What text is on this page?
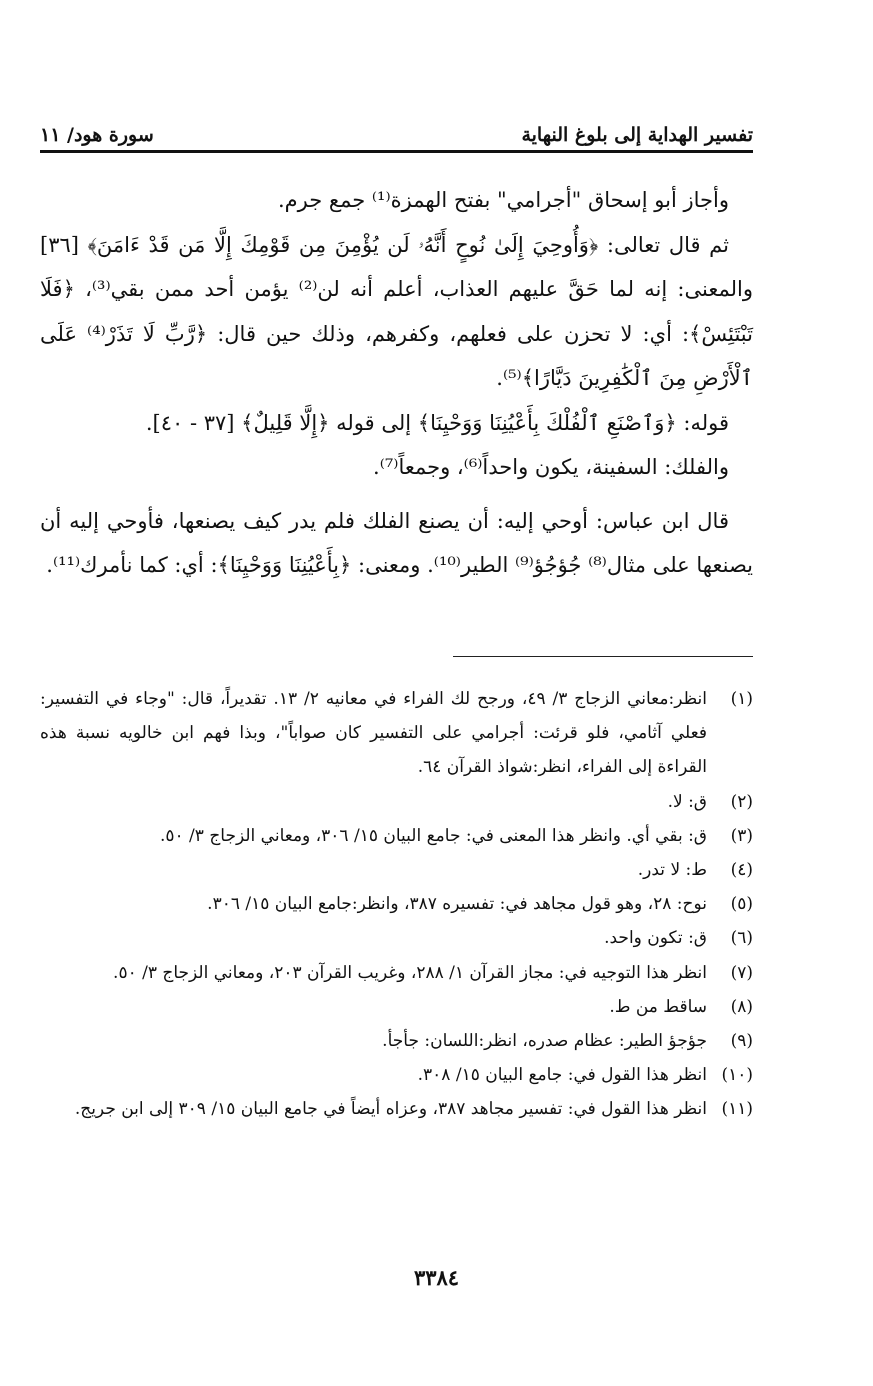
سورة هود/ ١١	تفسير الهداية إلى بلوغ النهاية

وأجاز أبو إسحاق "أجرامي" بفتح الهمزة⁽¹⁾ جمع جرم.

ثم قال تعالى: ﴿وَأُوحِيَ إِلَىٰ نُوحٍ أَنَّهُۥ لَن يُؤْمِنَ مِن قَوْمِكَ إِلَّا مَن قَدْ ءَامَنَ﴾ [٣٦] والمعنى: إنه لما حَقَّ عليهم العذاب، أعلم أنه لن⁽²⁾ يؤمن أحد ممن بقي⁽³⁾، ﴿فَلَا تَبْتَئِسْ﴾: أي: لا تحزن على فعلهم، وكفرهم، وذلك حين قال: ﴿رَّبِّ لَا تَذَرْ⁽⁴⁾ عَلَى ٱلْأَرْضِ مِنَ ٱلْكَٰفِرِينَ دَيَّارًا﴾⁽⁵⁾.

قوله: ﴿وَٱصْنَعِ ٱلْفُلْكَ بِأَعْيُنِنَا وَوَحْيِنَا﴾ إلى قوله ﴿إِلَّا قَلِيلٌ﴾ [٣٧ - ٤٠].

والفلك: السفينة، يكون واحداً⁽⁶⁾، وجمعاً⁽⁷⁾.

قال ابن عباس: أوحي إليه: أن يصنع الفلك فلم يدر كيف يصنعها، فأوحي إليه أن يصنعها على مثال⁽⁸⁾ جُؤجُؤ⁽⁹⁾ الطير⁽¹⁰⁾. ومعنى: ﴿بِأَعْيُنِنَا وَوَحْيِنَا﴾: أي: كما نأمرك⁽¹¹⁾.

(١)
انظر:معاني الزجاج ٣/ ٤٩، ورجح لك الفراء في معانيه ٢/ ١٣. تقديراً، قال: "وجاء في التفسير: فعلي آثامي، فلو قرئت: أجرامي على التفسير كان صواباً"، وبذا فهم ابن خالويه نسبة هذه القراءة إلى الفراء، انظر:شواذ القرآن ٦٤.
(٢)
ق: لا.
(٣)
ق: بقي أي. وانظر هذا المعنى في: جامع البيان ١٥/ ٣٠٦، ومعاني الزجاج ٣/ ٥٠.
(٤)
ط: لا تدر.
(٥)
نوح: ٢٨، وهو قول مجاهد في: تفسيره ٣٨٧، وانظر:جامع البيان ١٥/ ٣٠٦.
(٦)
ق: تكون واحد.
(٧)
انظر هذا التوجيه في: مجاز القرآن ١/ ٢٨٨، وغريب القرآن ٢٠٣، ومعاني الزجاج ٣/ ٥٠.
(٨)
ساقط من ط.
(٩)
جؤجؤ الطير: عظام صدره، انظر:اللسان: جأجأ.
(١٠)
انظر هذا القول في: جامع البيان ١٥/ ٣٠٨.
(١١)
انظر هذا القول في: تفسير مجاهد ٣٨٧، وعزاه أيضاً في جامع البيان ١٥/ ٣٠٩ إلى ابن جريج.
٣٣٨٤
